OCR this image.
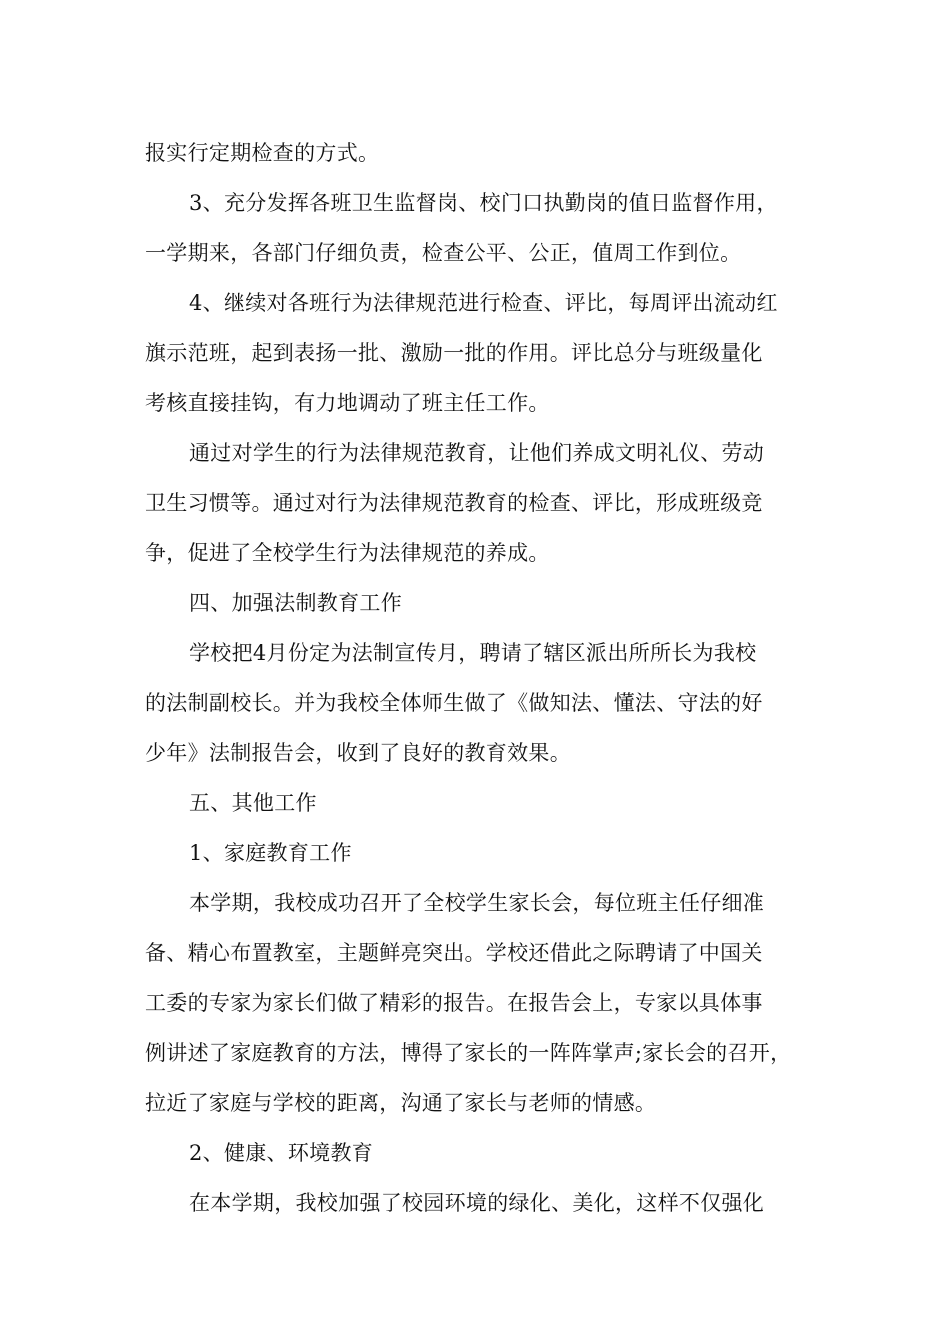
报实行定期检查的方式。
3、充分发挥各班卫生监督岗、校门口执勤岗的值日监督作用，
一学期来，各部门仔细负责，检查公平、公正，值周工作到位。
4、继续对各班行为法律规范进行检查、评比，每周评出流动红
旗示范班，起到表扬一批、激励一批的作用。评比总分与班级量化
考核直接挂钩，有力地调动了班主任工作。
通过对学生的行为法律规范教育，让他们养成文明礼仪、劳动
卫生习惯等。通过对行为法律规范教育的检查、评比，形成班级竞
争，促进了全校学生行为法律规范的养成。
四、加强法制教育工作
学校把4月份定为法制宣传月，聘请了辖区派出所所长为我校
的法制副校长。并为我校全体师生做了《做知法、懂法、守法的好
少年》法制报告会，收到了良好的教育效果。
五、其他工作
1、家庭教育工作
本学期，我校成功召开了全校学生家长会，每位班主任仔细准
备、精心布置教室，主题鲜亮突出。学校还借此之际聘请了中国关
工委的专家为家长们做了精彩的报告。在报告会上，专家以具体事
例讲述了家庭教育的方法，博得了家长的一阵阵掌声;家长会的召开，
拉近了家庭与学校的距离，沟通了家长与老师的情感。
2、健康、环境教育
在本学期，我校加强了校园环境的绿化、美化，这样不仅强化
